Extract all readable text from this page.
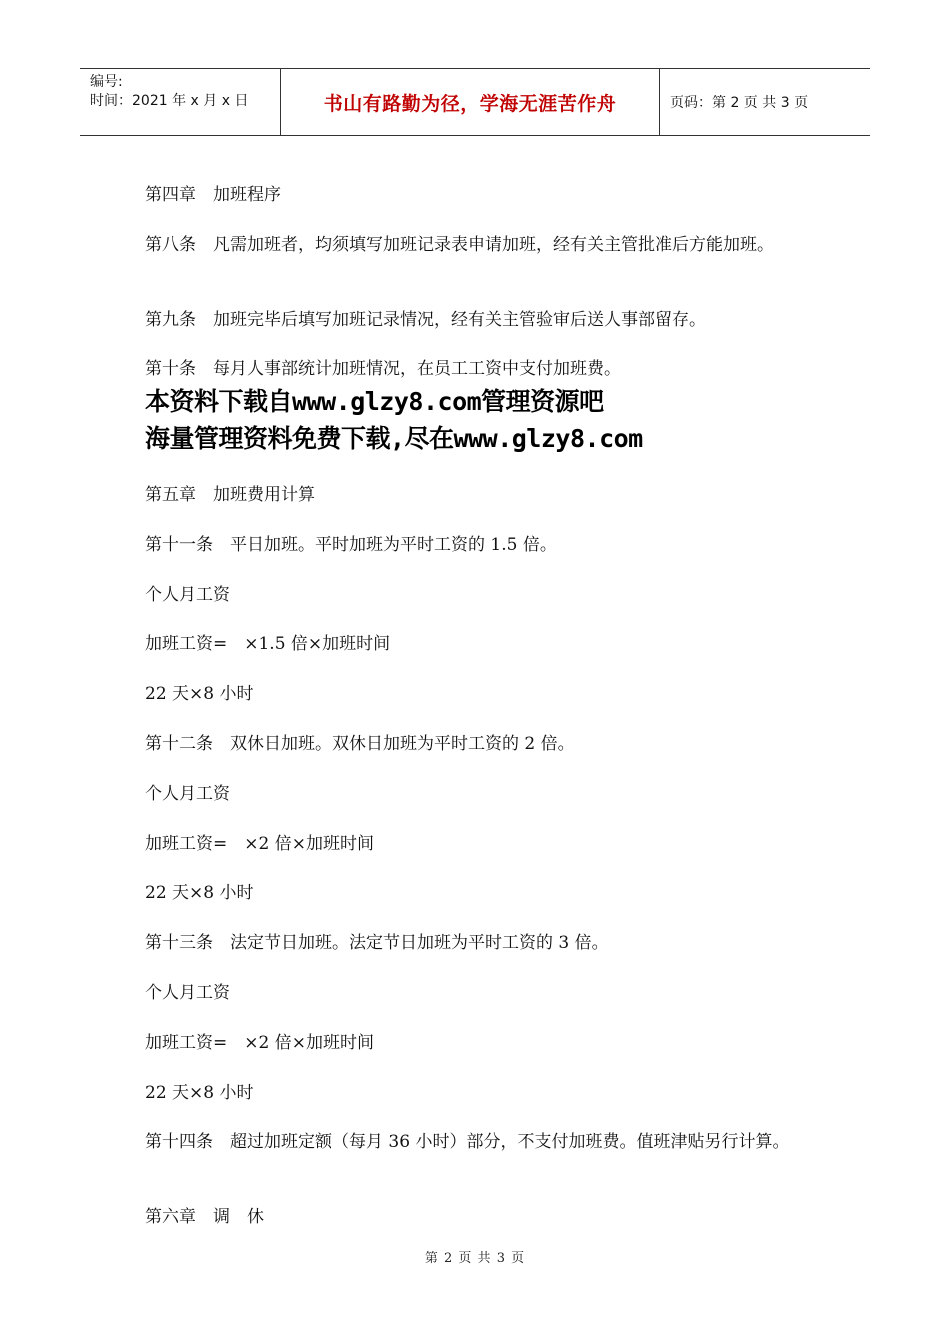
编号:
时间：2021 年 x 月 x 日	书山有路勤为径，学海无涯苦作舟	页码：第 2 页 共 3 页
第四章　加班程序
第八条　凡需加班者，均须填写加班记录表申请加班，经有关主管批准后方能加班。
第九条　加班完毕后填写加班记录情况，经有关主管验审后送人事部留存。
第十条　每月人事部统计加班情况，在员工工资中支付加班费。
本资料下载自www.glzy8.com管理资源吧
海量管理资料免费下载,尽在www.glzy8.com
第五章　加班费用计算
第十一条　平日加班。平时加班为平时工资的 1.5 倍。
个人月工资
加班工资=　×1.5 倍×加班时间
22 天×8 小时
第十二条　双休日加班。双休日加班为平时工资的 2 倍。
个人月工资
加班工资=　×2 倍×加班时间
22 天×8 小时
第十三条　法定节日加班。法定节日加班为平时工资的 3 倍。
个人月工资
加班工资=　×2 倍×加班时间
22 天×8 小时
第十四条　超过加班定额（每月 36 小时）部分，不支付加班费。值班津贴另行计算。
第六章　调　休
第 2 页 共 3 页
